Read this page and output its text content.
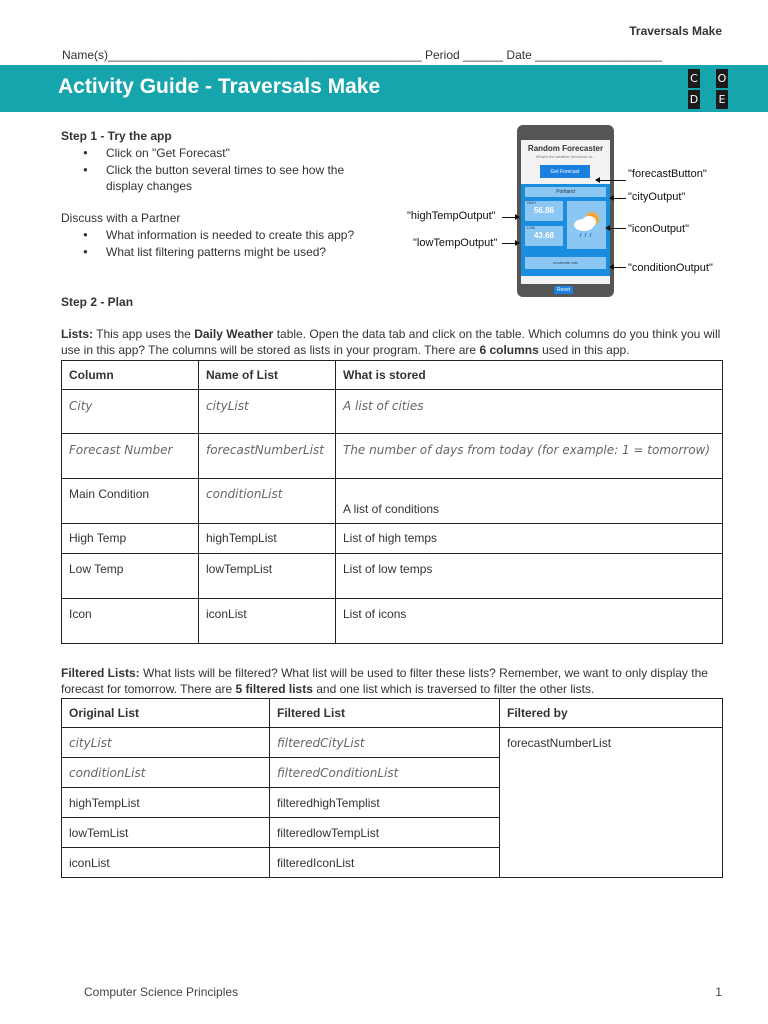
Traversals Make
Name(s)_______________________________________________ Period ______ Date ___________________
Activity Guide - Traversals Make	C O
D E
Step 1 - Try the app
● Click on "Get Forecast"
● Click the button several times to see how the display changes
Discuss with a Partner
● What information is needed to create this app?
● What list filtering patterns might be used?
Random Forecaster
What's the weather tomorrow in...
Get Forecast
Portland
HIGH
56.86
LOW
43.68
moderate rain
Reset
"forecastButton"
"cityOutput"
"highTempOutput"
"iconOutput"
"lowTempOutput"
"conditionOutput"
Step 2 - Plan
Lists: This app uses the Daily Weather table. Open the data tab and click on the table. Which columns do you think you will use in this app? The columns will be stored as lists in your program. There are 6 columns used in this app.
Column	Name of List	What is stored
City	cityList	A list of cities
Forecast Number	forecastNumberList	The number of days from today (for example: 1 = tomorrow)
Main Condition	conditionList	A list of conditions
High Temp	highTempList	List of high temps
Low Temp	lowTempList	List of low temps
Icon	iconList	List of icons
Filtered Lists: What lists will be filtered? What list will be used to filter these lists? Remember, we want to only display the forecast for tomorrow. There are 5 filtered lists and one list which is traversed to filter the other lists.
Original List	Filtered List	Filtered by
cityList	filteredCityList	forecastNumberList
conditionList	filteredConditionList	
highTempList	filteredhighTemplist	
lowTemList	filteredlowTempList	
iconList	filteredIconList	
Computer Science Principles	1
